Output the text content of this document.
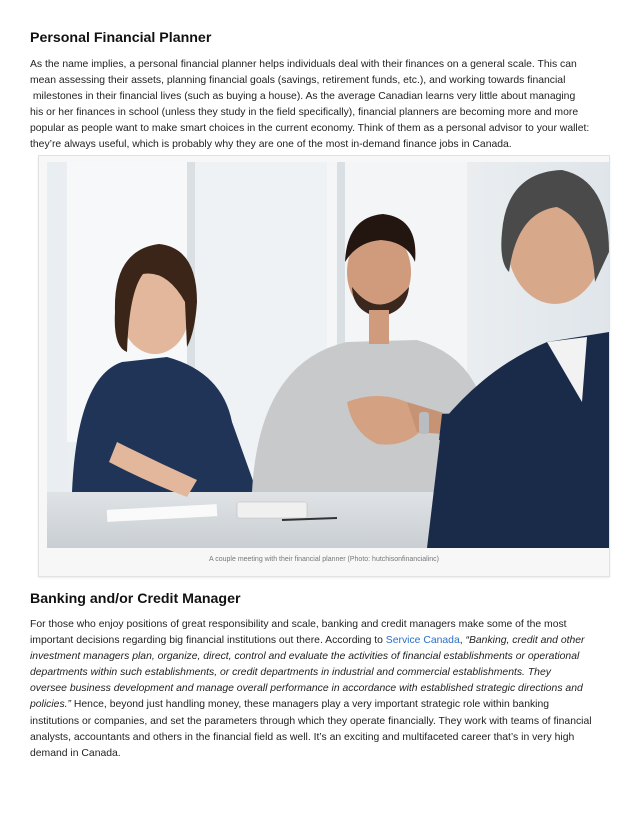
Personal Financial Planner
As the name implies, a personal financial planner helps individuals deal with their finances on a general scale. This can
mean assessing their assets, planning financial goals (savings, retirement funds, etc.), and working towards financial
milestones in their financial lives (such as buying a house). As the average Canadian learns very little about managing
his or her finances in school (unless they study in the field specifically), financial planners are becoming more and more
popular as people want to make smart choices in the current economy. Think of them as a personal advisor to your wallet:
they’re always useful, which is probably why they are one of the most in-demand finance jobs in Canada.
A couple meeting with their financial planner (Photo: hutchisonfinancialinc)
Banking and/or Credit Manager
For those who enjoy positions of great responsibility and scale, banking and credit managers make some of the most
important decisions regarding big financial institutions out there. According to Service Canada, “Banking, credit and other
investment managers plan, organize, direct, control and evaluate the activities of financial establishments or operational
departments within such establishments, or credit departments in industrial and commercial establishments. They
oversee business development and manage overall performance in accordance with established strategic directions and
policies.” Hence, beyond just handling money, these managers play a very important strategic role within banking
institutions or companies, and set the parameters through which they operate financially. They work with teams of financial
analysts, accountants and others in the financial field as well. It’s an exciting and multifaceted career that’s in very high
demand in Canada.
